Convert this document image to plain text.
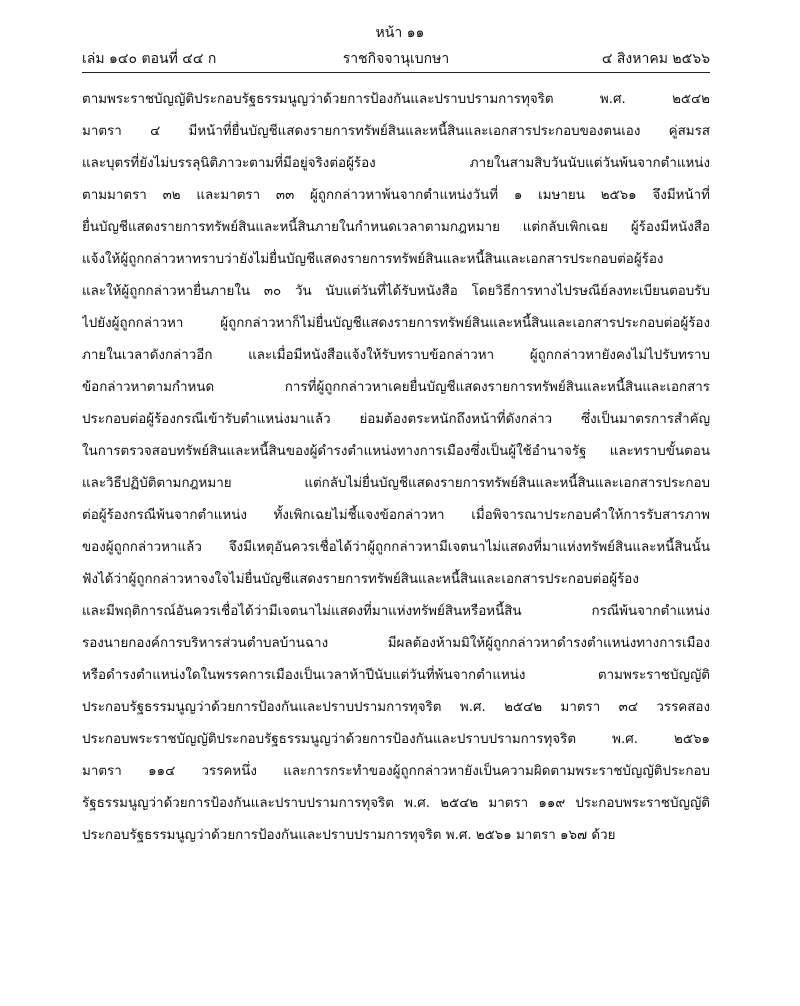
หน้า ๑๑
ราชกิจจานุเบกษา
เล่ม ๑๔๐ ตอนที่ ๔๔ ก	๔ สิงหาคม ๒๕๖๖
ตามพระราชบัญญัติประกอบรัฐธรรมนูญว่าด้วยการป้องกันและปราบปรามการทุจริต พ.ศ. ๒๕๔๒
มาตรา ๔ มีหน้าที่ยื่นบัญชีแสดงรายการทรัพย์สินและหนี้สินและเอกสารประกอบของตนเอง คู่สมรส
และบุตรที่ยังไม่บรรลุนิติภาวะตามที่มีอยู่จริงต่อผู้ร้อง ภายในสามสิบวันนับแต่วันพ้นจากตำแหน่ง
ตามมาตรา ๓๒ และมาตรา ๓๓ ผู้ถูกกล่าวหาพ้นจากตำแหน่งวันที่ ๑ เมษายน ๒๕๖๑ จึงมีหน้าที่
ยื่นบัญชีแสดงรายการทรัพย์สินและหนี้สินภายในกำหนดเวลาตามกฎหมาย แต่กลับเพิกเฉย ผู้ร้องมีหนังสือ
แจ้งให้ผู้ถูกกล่าวหาทราบว่ายังไม่ยื่นบัญชีแสดงรายการทรัพย์สินและหนี้สินและเอกสารประกอบต่อผู้ร้อง
และให้ผู้ถูกกล่าวหายื่นภายใน ๓๐ วัน นับแต่วันที่ได้รับหนังสือ โดยวิธีการทางไปรษณีย์ลงทะเบียนตอบรับ
ไปยังผู้ถูกกล่าวหา ผู้ถูกกล่าวหาก็ไม่ยื่นบัญชีแสดงรายการทรัพย์สินและหนี้สินและเอกสารประกอบต่อผู้ร้อง
ภายในเวลาดังกล่าวอีก และเมื่อมีหนังสือแจ้งให้รับทราบข้อกล่าวหา ผู้ถูกกล่าวหายังคงไม่ไปรับทราบ
ข้อกล่าวหาตามกำหนด การที่ผู้ถูกกล่าวหาเคยยื่นบัญชีแสดงรายการทรัพย์สินและหนี้สินและเอกสาร
ประกอบต่อผู้ร้องกรณีเข้ารับตำแหน่งมาแล้ว ย่อมต้องตระหนักถึงหน้าที่ดังกล่าว ซึ่งเป็นมาตรการสำคัญ
ในการตรวจสอบทรัพย์สินและหนี้สินของผู้ดำรงตำแหน่งทางการเมืองซึ่งเป็นผู้ใช้อำนาจรัฐ และทราบขั้นตอน
และวิธีปฏิบัติตามกฎหมาย แต่กลับไม่ยื่นบัญชีแสดงรายการทรัพย์สินและหนี้สินและเอกสารประกอบ
ต่อผู้ร้องกรณีพ้นจากตำแหน่ง ทั้งเพิกเฉยไม่ชี้แจงข้อกล่าวหา เมื่อพิจารณาประกอบคำให้การรับสารภาพ
ของผู้ถูกกล่าวหาแล้ว จึงมีเหตุอันควรเชื่อได้ว่าผู้ถูกกล่าวหามีเจตนาไม่แสดงที่มาแห่งทรัพย์สินและหนี้สินนั้น
ฟังได้ว่าผู้ถูกกล่าวหาจงใจไม่ยื่นบัญชีแสดงรายการทรัพย์สินและหนี้สินและเอกสารประกอบต่อผู้ร้อง
และมีพฤติการณ์อันควรเชื่อได้ว่ามีเจตนาไม่แสดงที่มาแห่งทรัพย์สินหรือหนี้สิน กรณีพ้นจากตำแหน่ง
รองนายกองค์การบริหารส่วนตำบลบ้านฉาง มีผลต้องห้ามมิให้ผู้ถูกกล่าวหาดำรงตำแหน่งทางการเมือง
หรือดำรงตำแหน่งใดในพรรคการเมืองเป็นเวลาห้าปีนับแต่วันที่พ้นจากตำแหน่ง ตามพระราชบัญญัติ
ประกอบรัฐธรรมนูญว่าด้วยการป้องกันและปราบปรามการทุจริต พ.ศ. ๒๕๔๒ มาตรา ๓๔ วรรคสอง
ประกอบพระราชบัญญัติประกอบรัฐธรรมนูญว่าด้วยการป้องกันและปราบปรามการทุจริต พ.ศ. ๒๕๖๑
มาตรา ๑๑๔ วรรคหนึ่ง และการกระทำของผู้ถูกกล่าวหายังเป็นความผิดตามพระราชบัญญัติประกอบ
รัฐธรรมนูญว่าด้วยการป้องกันและปราบปรามการทุจริต พ.ศ. ๒๕๔๒ มาตรา ๑๑๙ ประกอบพระราชบัญญัติ
ประกอบรัฐธรรมนูญว่าด้วยการป้องกันและปราบปรามการทุจริต พ.ศ. ๒๕๖๑ มาตรา ๑๖๗ ด้วย
